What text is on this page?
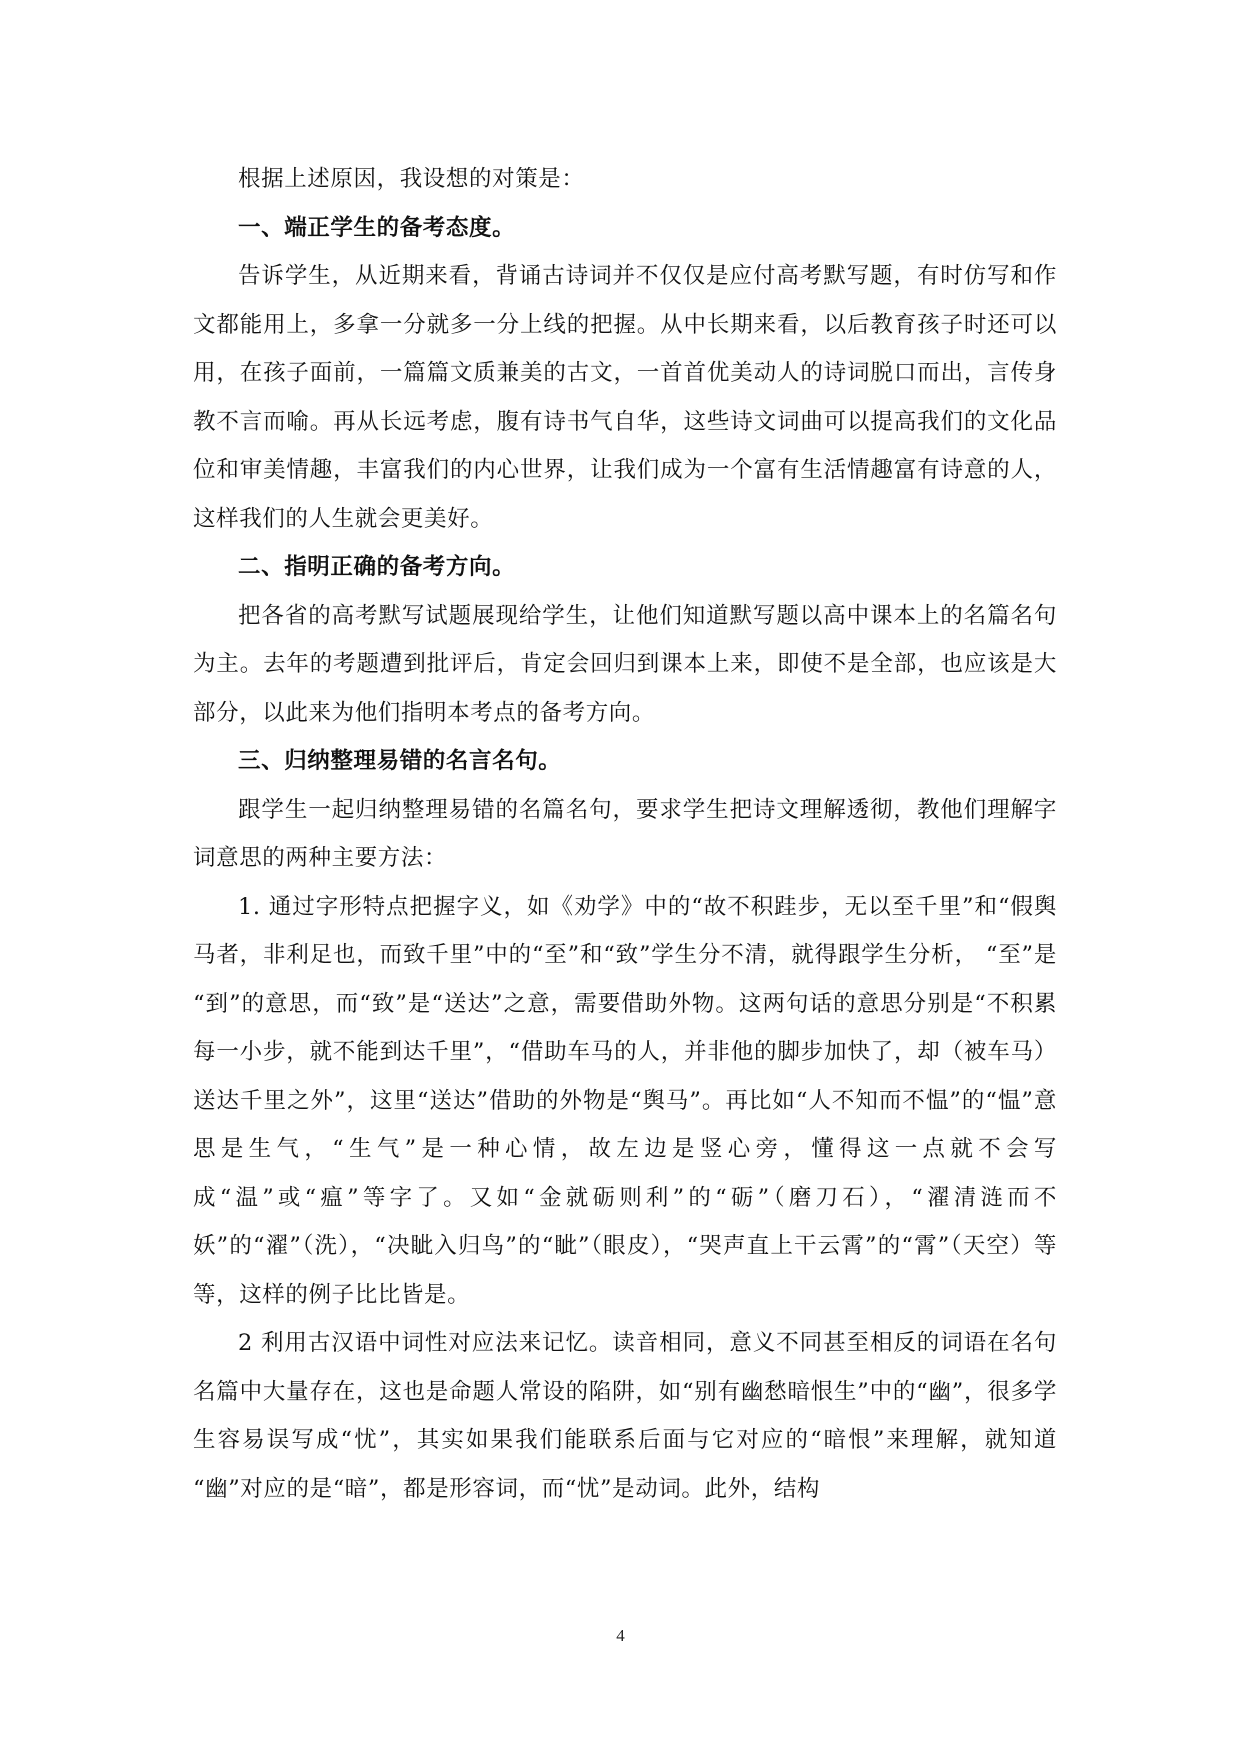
根据上述原因，我设想的对策是：

一、端正学生的备考态度。

告诉学生，从近期来看，背诵古诗词并不仅仅是应付高考默写题，有时仿写和作文都能用上，多拿一分就多一分上线的把握。从中长期来看，以后教育孩子时还可以用，在孩子面前，一篇篇文质兼美的古文，一首首优美动人的诗词脱口而出，言传身教不言而喻。再从长远考虑，腹有诗书气自华，这些诗文词曲可以提高我们的文化品位和审美情趣，丰富我们的内心世界，让我们成为一个富有生活情趣富有诗意的人，这样我们的人生就会更美好。

二、指明正确的备考方向。

把各省的高考默写试题展现给学生，让他们知道默写题以高中课本上的名篇名句为主。去年的考题遭到批评后，肯定会回归到课本上来，即使不是全部，也应该是大部分，以此来为他们指明本考点的备考方向。

三、归纳整理易错的名言名句。

跟学生一起归纳整理易错的名篇名句，要求学生把诗文理解透彻，教他们理解字词意思的两种主要方法：

1. 通过字形特点把握字义，如《劝学》中的“故不积跬步，无以至千里”和“假舆马者，非利足也，而致千里”中的“至”和“致”学生分不清，就得跟学生分析， “至”是 “到”的意思，而“致”是“送达”之意，需要借助外物。这两句话的意思分别是“不积累每一小步，就不能到达千里”，“借助车马的人，并非他的脚步加快了，却（被车马）送达千里之外”，这里“送达”借助的外物是“舆马”。再比如“人不知而不愠”的“愠”意思是生气，“生气”是一种心情，故左边是竖心旁，懂得这一点就不会写成“温”或“瘟”等字了。又如“金就砺则利”的“砺”（磨刀石），“濯清涟而不妖”的“濯”（洗），“决眦入归鸟”的“眦”（眼皮），“哭声直上干云霄”的“霄”（天空）等等，这样的例子比比皆是。

2 利用古汉语中词性对应法来记忆。读音相同，意义不同甚至相反的词语在名句名篇中大量存在，这也是命题人常设的陷阱，如“别有幽愁暗恨生”中的“幽”，很多学生容易误写成“忧”，其实如果我们能联系后面与它对应的“暗恨”来理解，就知道 “幽”对应的是“暗”，都是形容词，而“忧”是动词。此外，结构

4
